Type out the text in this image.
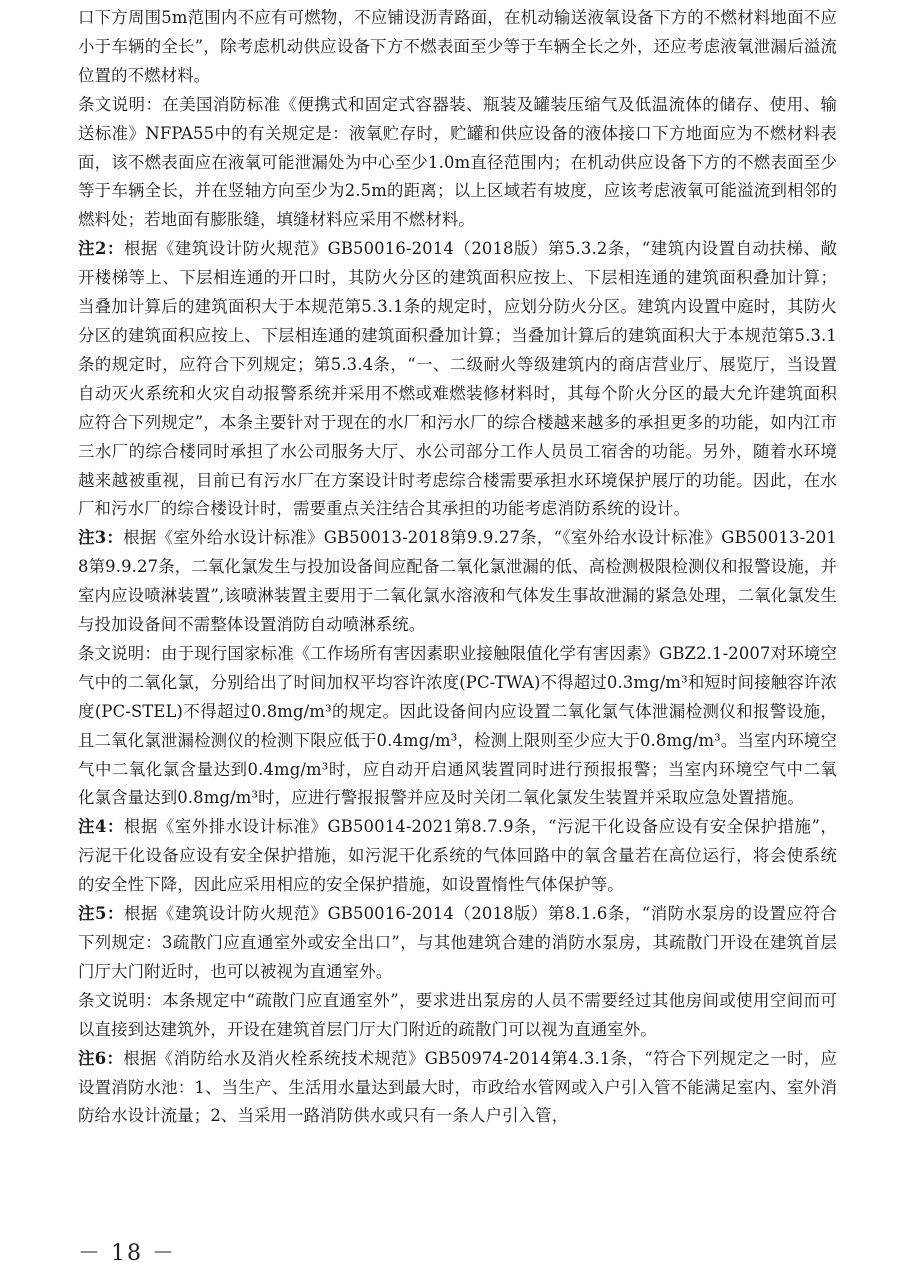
口下方周围5m范围内不应有可燃物，不应铺设沥青路面，在机动输送液氧设备下方的不燃材料地面不应小于车辆的全长”，除考虑机动供应设备下方不燃表面至少等于车辆全长之外，还应考虑液氧泄漏后溢流位置的不燃材料。

条文说明：在美国消防标准《便携式和固定式容器装、瓶装及罐装压缩气及低温流体的储存、使用、输送标准》NFPA55中的有关规定是：液氧贮存时，贮罐和供应设备的液体接口下方地面应为不燃材料表面，该不燃表面应在液氧可能泄漏处为中心至少1.0m直径范围内；在机动供应设备下方的不燃表面至少等于车辆全长，并在竖轴方向至少为2.5m的距离；以上区域若有坡度，应该考虑液氧可能溢流到相邻的燃料处；若地面有膨胀缝，填缝材料应采用不燃材料。

注2：根据《建筑设计防火规范》GB50016-2014（2018版）第5.3.2条，“建筑内设置自动扶梯、敞开楼梯等上、下层相连通的开口时，其防火分区的建筑面积应按上、下层相连通的建筑面积叠加计算；当叠加计算后的建筑面积大于本规范第5.3.1条的规定时，应划分防火分区。建筑内设置中庭时，其防火分区的建筑面积应按上、下层相连通的建筑面积叠加计算；当叠加计算后的建筑面积大于本规范第5.3.1条的规定时，应符合下列规定；第5.3.4条，“一、二级耐火等级建筑内的商店营业厅、展览厅，当设置自动灭火系统和火灾自动报警系统并采用不燃或难燃装修材料时，其每个阶火分区的最大允许建筑面积应符合下列规定”，本条主要针对于现在的水厂和污水厂的综合楼越来越多的承担更多的功能，如内江市三水厂的综合楼同时承担了水公司服务大厅、水公司部分工作人员员工宿舍的功能。另外，随着水环境越来越被重视，目前已有污水厂在方案设计时考虑综合楼需要承担水环境保护展厅的功能。因此，在水厂和污水厂的综合楼设计时，需要重点关注结合其承担的功能考虑消防系统的设计。

注3：根据《室外给水设计标准》GB50013-2018第9.9.27条，“《室外给水设计标准》GB50013-2018第9.9.27条，二氧化氯发生与投加设备间应配备二氧化氯泄漏的低、高检测极限检测仪和报警设施，并室内应设喷淋装置”,该喷淋装置主要用于二氧化氯水溶液和气体发生事故泄漏的紧急处理，二氧化氯发生与投加设备间不需整体设置消防自动喷淋系统。

条文说明：由于现行国家标准《工作场所有害因素职业接触限值化学有害因素》GBZ2.1-2007对环境空气中的二氧化氯，分别给出了时间加权平均容许浓度(PC-TWA)不得超过0.3mg/m³和短时间接触容许浓度(PC-STEL)不得超过0.8mg/m³的规定。因此设备间内应设置二氧化氯气体泄漏检测仪和报警设施，且二氧化氯泄漏检测仪的检测下限应低于0.4mg/m³，检测上限则至少应大于0.8mg/m³。当室内环境空气中二氧化氯含量达到0.4mg/m³时，应自动开启通风装置同时进行预报报警；当室内环境空气中二氧化氯含量达到0.8mg/m³时，应进行警报报警并应及时关闭二氧化氯发生装置并采取应急处置措施。

注4：根据《室外排水设计标准》GB50014-2021第8.7.9条，“污泥干化设备应设有安全保护措施”，污泥干化设备应设有安全保护措施，如污泥干化系统的气体回路中的氧含量若在高位运行，将会使系统的安全性下降，因此应采用相应的安全保护措施，如设置惰性气体保护等。

注5：根据《建筑设计防火规范》GB50016-2014（2018版）第8.1.6条，“消防水泵房的设置应符合下列规定：3疏散门应直通室外或安全出口”，与其他建筑合建的消防水泵房，其疏散门开设在建筑首层门厅大门附近时，也可以被视为直通室外。

条文说明：本条规定中“疏散门应直通室外”，要求进出泵房的人员不需要经过其他房间或使用空间而可以直接到达建筑外，开设在建筑首层门厅大门附近的疏散门可以视为直通室外。

注6：根据《消防给水及消火栓系统技术规范》GB50974-2014第4.3.1条，“符合下列规定之一时，应设置消防水池：1、当生产、生活用水量达到最大时，市政给水管网或入户引入管不能满足室内、室外消防给水设计流量；2、当采用一路消防供水或只有一条人户引入管，

－ 18 －
